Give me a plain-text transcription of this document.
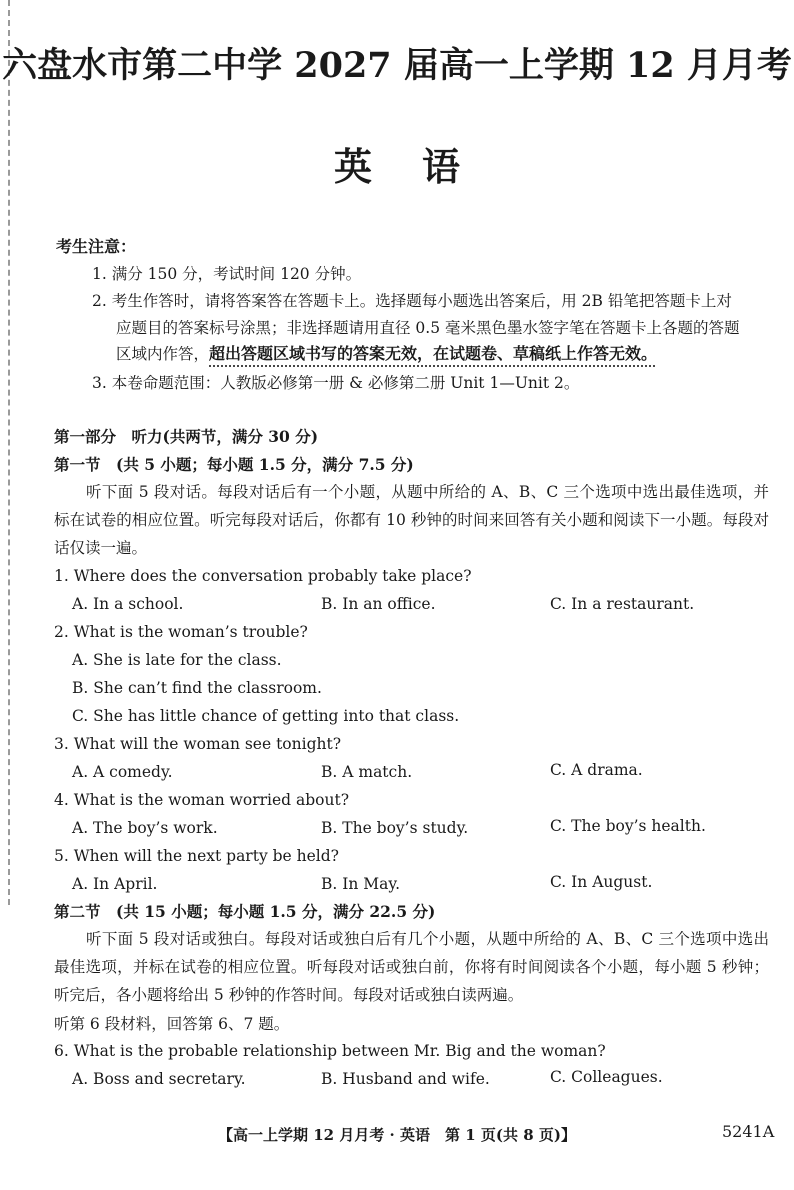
六盘水市第二中学 2027 届高一上学期 12 月月考
英语
考生注意：
1. 满分 150 分，考试时间 120 分钟。
2. 考生作答时，请将答案答在答题卡上。选择题每小题选出答案后，用 2B 铅笔把答题卡上对
应题目的答案标号涂黑；非选择题请用直径 0.5 毫米黑色墨水签字笔在答题卡上各题的答题
区域内作答，超出答题区域书写的答案无效，在试题卷、草稿纸上作答无效。
3. 本卷命题范围：人教版必修第一册 & 必修第二册 Unit 1—Unit 2。
第一部分　听力(共两节，满分 30 分)
第一节　(共 5 小题；每小题 1.5 分，满分 7.5 分)
听下面 5 段对话。每段对话后有一个小题，从题中所给的 A、B、C 三个选项中选出最佳选项，并标在试卷的相应位置。听完每段对话后，你都有 10 秒钟的时间来回答有关小题和阅读下一小题。每段对话仅读一遍。
1. Where does the conversation probably take place?
A. In a school.	B. In an office.	C. In a restaurant.
2. What is the woman’s trouble?
A. She is late for the class.
B. She can’t find the classroom.
C. She has little chance of getting into that class.
3. What will the woman see tonight?
A. A comedy.	B. A match.	C. A drama.
4. What is the woman worried about?
A. The boy’s work.	B. The boy’s study.	C. The boy’s health.
5. When will the next party be held?
A. In April.	B. In May.	C. In August.
第二节　(共 15 小题；每小题 1.5 分，满分 22.5 分)
听下面 5 段对话或独白。每段对话或独白后有几个小题，从题中所给的 A、B、C 三个选项中选出最佳选项，并标在试卷的相应位置。听每段对话或独白前，你将有时间阅读各个小题，每小题 5 秒钟；听完后，各小题将给出 5 秒钟的作答时间。每段对话或独白读两遍。
听第 6 段材料，回答第 6、7 题。
6. What is the probable relationship between Mr. Big and the woman?
A. Boss and secretary.	B. Husband and wife.	C. Colleagues.
【高一上学期 12 月月考 · 英语　第 1 页(共 8 页)】	5241A
